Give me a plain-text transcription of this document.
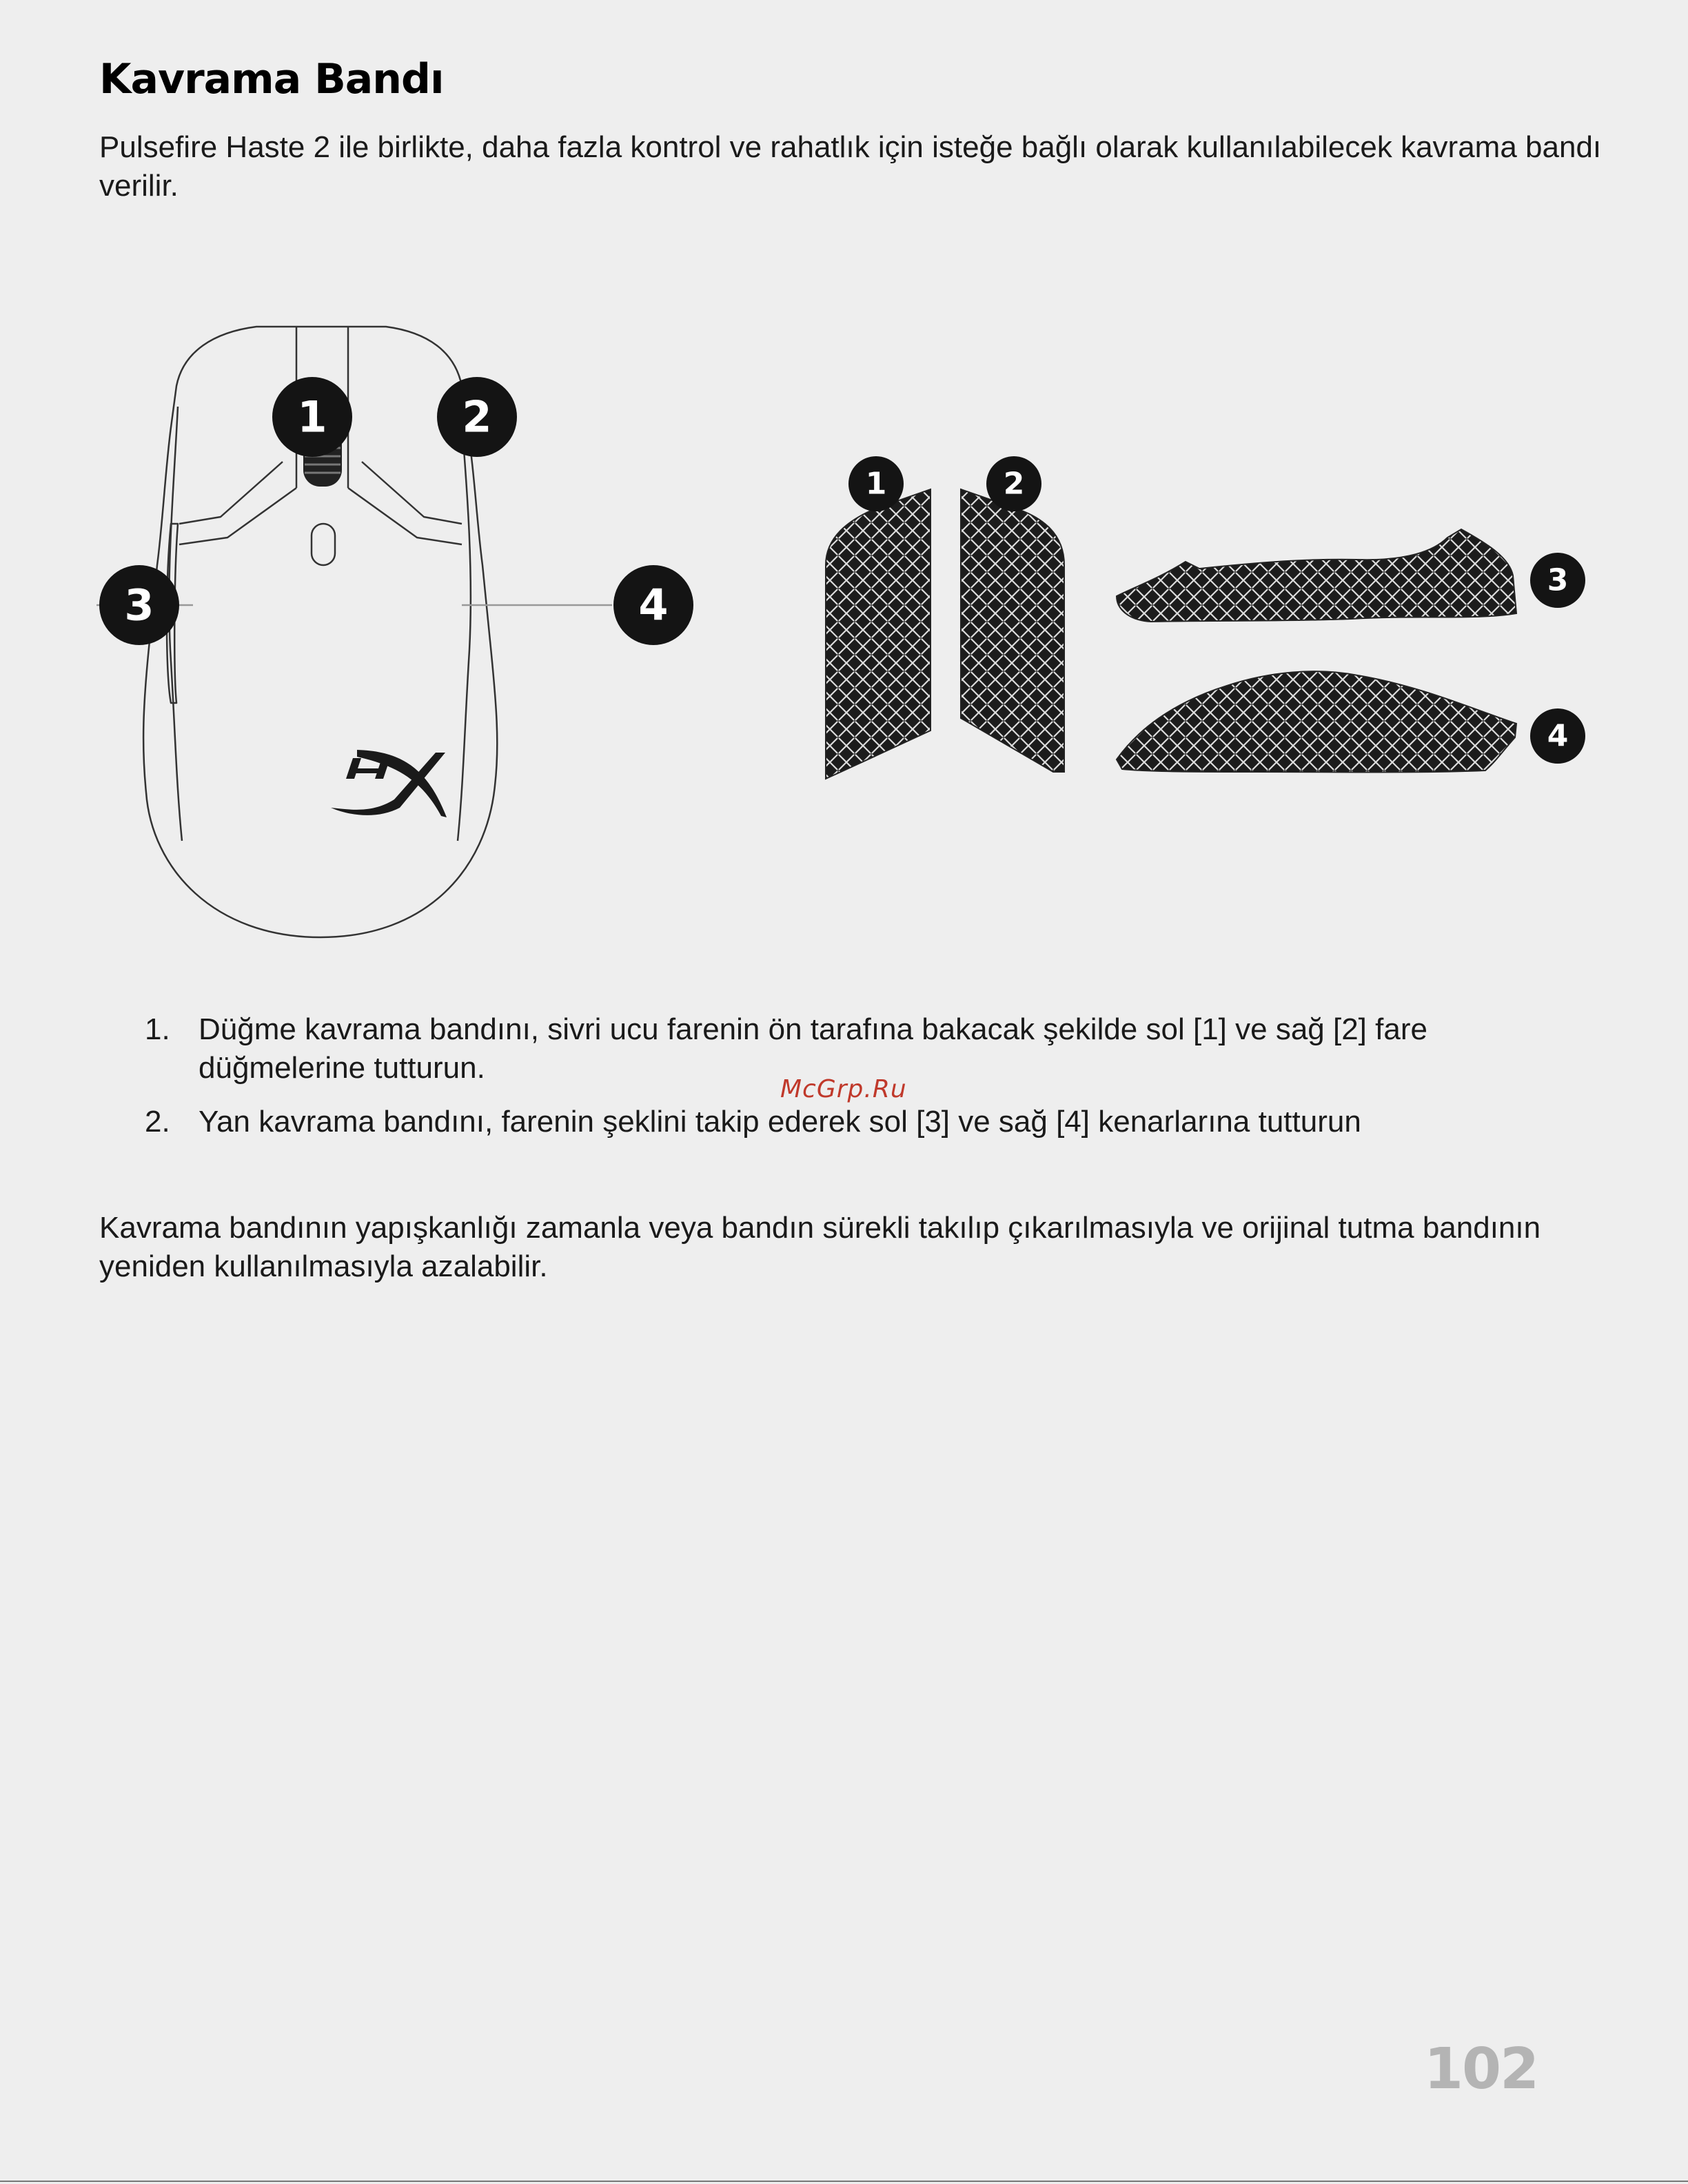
Kavrama Bandı

Pulsefire Haste 2 ile birlikte, daha fazla kontrol ve rahatlık için isteğe bağlı olarak kullanılabilecek kavrama bandı verilir.

1	2
3	4
1	2
3
4
1. Düğme kavrama bandını, sivri ucu farenin ön tarafına bakacak şekilde sol [1] ve sağ [2] fare düğmelerine tutturun.
2. Yan kavrama bandını, farenin şeklini takip ederek sol [3] ve sağ [4] kenarlarına tutturun
McGrp.Ru

Kavrama bandının yapışkanlığı zamanla veya bandın sürekli takılıp çıkarılmasıyla ve orijinal tutma bandının yeniden kullanılmasıyla azalabilir.

102
